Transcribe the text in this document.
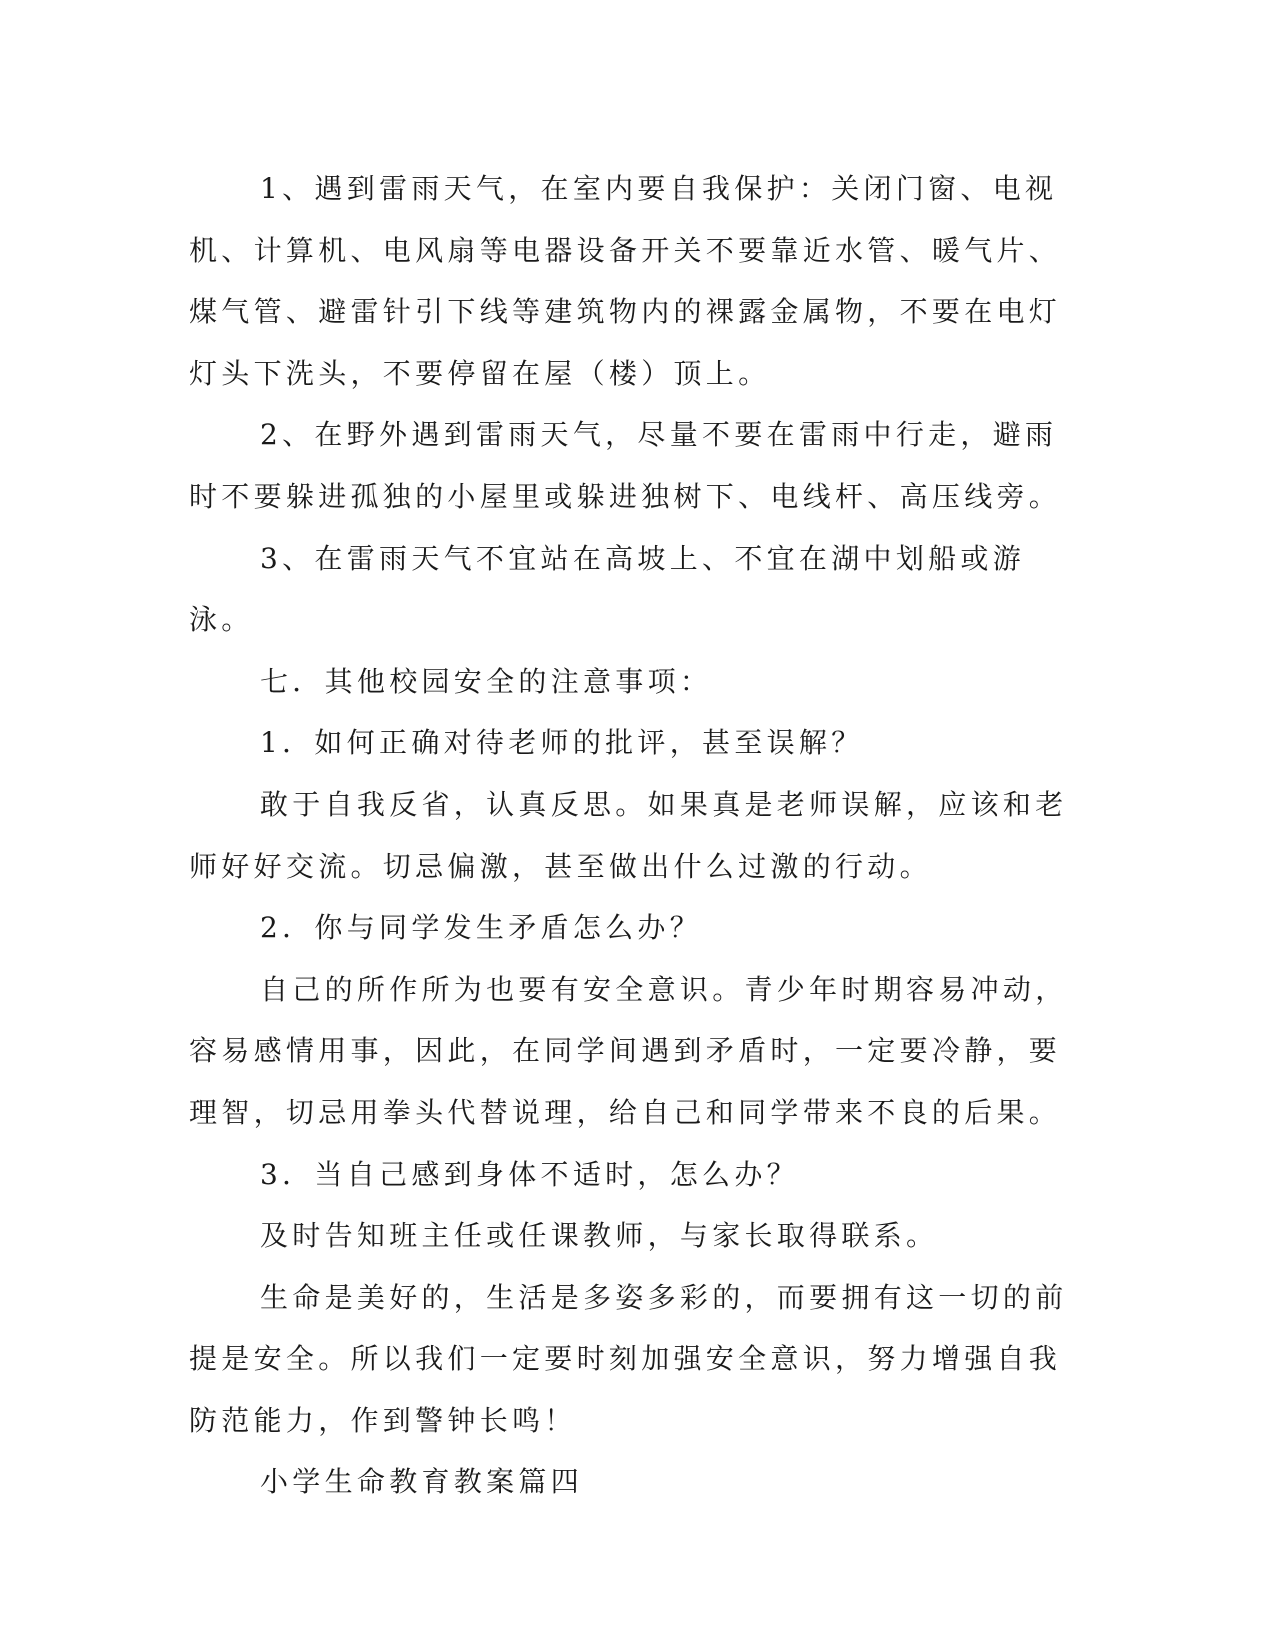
1、遇到雷雨天气，在室内要自我保护：关闭门窗、电视机、计算机、电风扇等电器设备开关不要靠近水管、暖气片、煤气管、避雷针引下线等建筑物内的裸露金属物，不要在电灯灯头下洗头，不要停留在屋（楼）顶上。

2、在野外遇到雷雨天气，尽量不要在雷雨中行走，避雨时不要躲进孤独的小屋里或躲进独树下、电线杆、高压线旁。

3、在雷雨天气不宜站在高坡上、不宜在湖中划船或游泳。

七．其他校园安全的注意事项：

1．如何正确对待老师的批评，甚至误解？

敢于自我反省，认真反思。如果真是老师误解，应该和老师好好交流。切忌偏激，甚至做出什么过激的行动。

2．你与同学发生矛盾怎么办？

自己的所作所为也要有安全意识。青少年时期容易冲动，容易感情用事，因此，在同学间遇到矛盾时，一定要冷静，要理智，切忌用拳头代替说理，给自己和同学带来不良的后果。

3．当自己感到身体不适时，怎么办？

及时告知班主任或任课教师，与家长取得联系。

生命是美好的，生活是多姿多彩的，而要拥有这一切的前提是安全。所以我们一定要时刻加强安全意识，努力增强自我防范能力，作到警钟长鸣！

小学生命教育教案篇四
